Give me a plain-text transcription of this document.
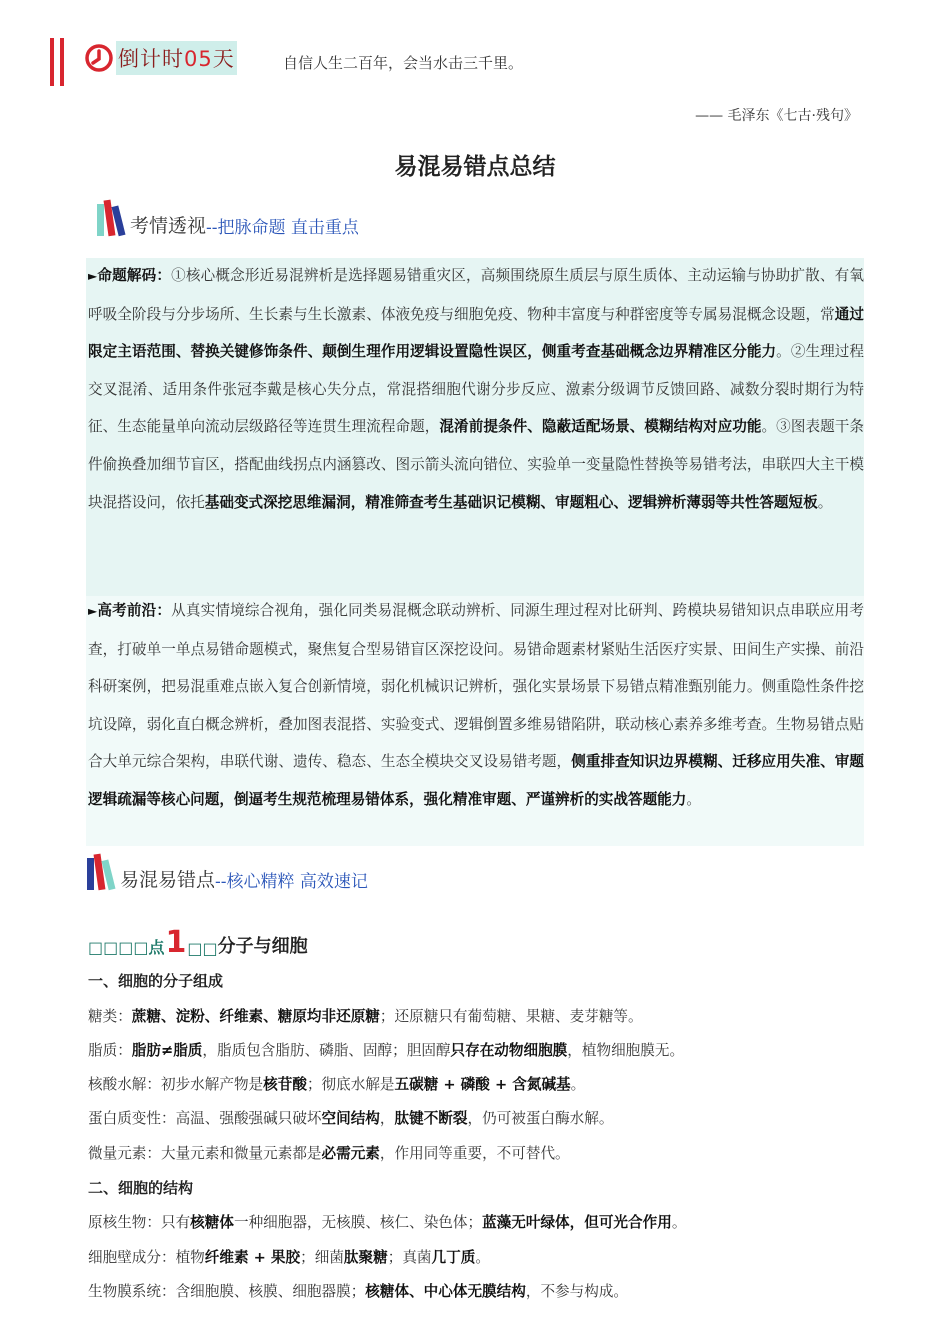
倒计时05天	自信人生二百年，会当水击三千里。
—— 毛泽东《七古·残句》
易混易错点总结
考情透视 --把脉命题 直击重点
►命题解码：①核心概念形近易混辨析是选择题易错重灾区，高频围绕原生质层与原生质体、主动运输与协助扩散、有氧呼吸全阶段与分步场所、生长素与生长激素、体液免疫与细胞免疫、物种丰富度与种群密度等专属易混概念设题，常通过限定主语范围、替换关键修饰条件、颠倒生理作用逻辑设置隐性误区，侧重考查基础概念边界精准区分能力。②生理过程交叉混淆、适用条件张冠李戴是核心失分点，常混搭细胞代谢分步反应、激素分级调节反馈回路、减数分裂时期行为特征、生态能量单向流动层级路径等连贯生理流程命题，混淆前提条件、隐蔽适配场景、模糊结构对应功能。③图表题干条件偷换叠加细节盲区，搭配曲线拐点内涵篡改、图示箭头流向错位、实验单一变量隐性替换等易错考法，串联四大主干模块混搭设问，依托基础变式深挖思维漏洞，精准筛查考生基础识记模糊、审题粗心、逻辑辨析薄弱等共性答题短板。
►高考前沿：从真实情境综合视角，强化同类易混概念联动辨析、同源生理过程对比研判、跨模块易错知识点串联应用考查，打破单一单点易错命题模式，聚焦复合型易错盲区深挖设问。易错命题素材紧贴生活医疗实景、田间生产实操、前沿科研案例，把易混重难点嵌入复合创新情境，弱化机械识记辨析，强化实景场景下易错点精准甄别能力。侧重隐性条件挖坑设障，弱化直白概念辨析，叠加图表混搭、实验变式、逻辑倒置多维易错陷阱，联动核心素养多维考查。生物易错点贴合大单元综合架构，串联代谢、遗传、稳态、生态全模块交叉设易错考题，侧重排查知识边界模糊、迁移应用失准、审题逻辑疏漏等核心问题，倒逼考生规范梳理易错体系，强化精准审题、严谨辨析的实战答题能力。
易混易错点 --核心精粹 高效速记
□□□□点 1 □□ 分子与细胞
一、细胞的分子组成
糖类：蔗糖、淀粉、纤维素、糖原均非还原糖；还原糖只有葡萄糖、果糖、麦芽糖等。
脂质：脂肪≠脂质，脂质包含脂肪、磷脂、固醇；胆固醇只存在动物细胞膜，植物细胞膜无。
核酸水解：初步水解产物是核苷酸；彻底水解是五碳糖 + 磷酸 + 含氮碱基。
蛋白质变性：高温、强酸强碱只破坏空间结构，肽键不断裂，仍可被蛋白酶水解。
微量元素：大量元素和微量元素都是必需元素，作用同等重要，不可替代。
二、细胞的结构
原核生物：只有核糖体一种细胞器，无核膜、核仁、染色体；蓝藻无叶绿体，但可光合作用。
细胞壁成分：植物纤维素 + 果胶；细菌肽聚糖；真菌几丁质。
生物膜系统：含细胞膜、核膜、细胞器膜；核糖体、中心体无膜结构，不参与构成。
